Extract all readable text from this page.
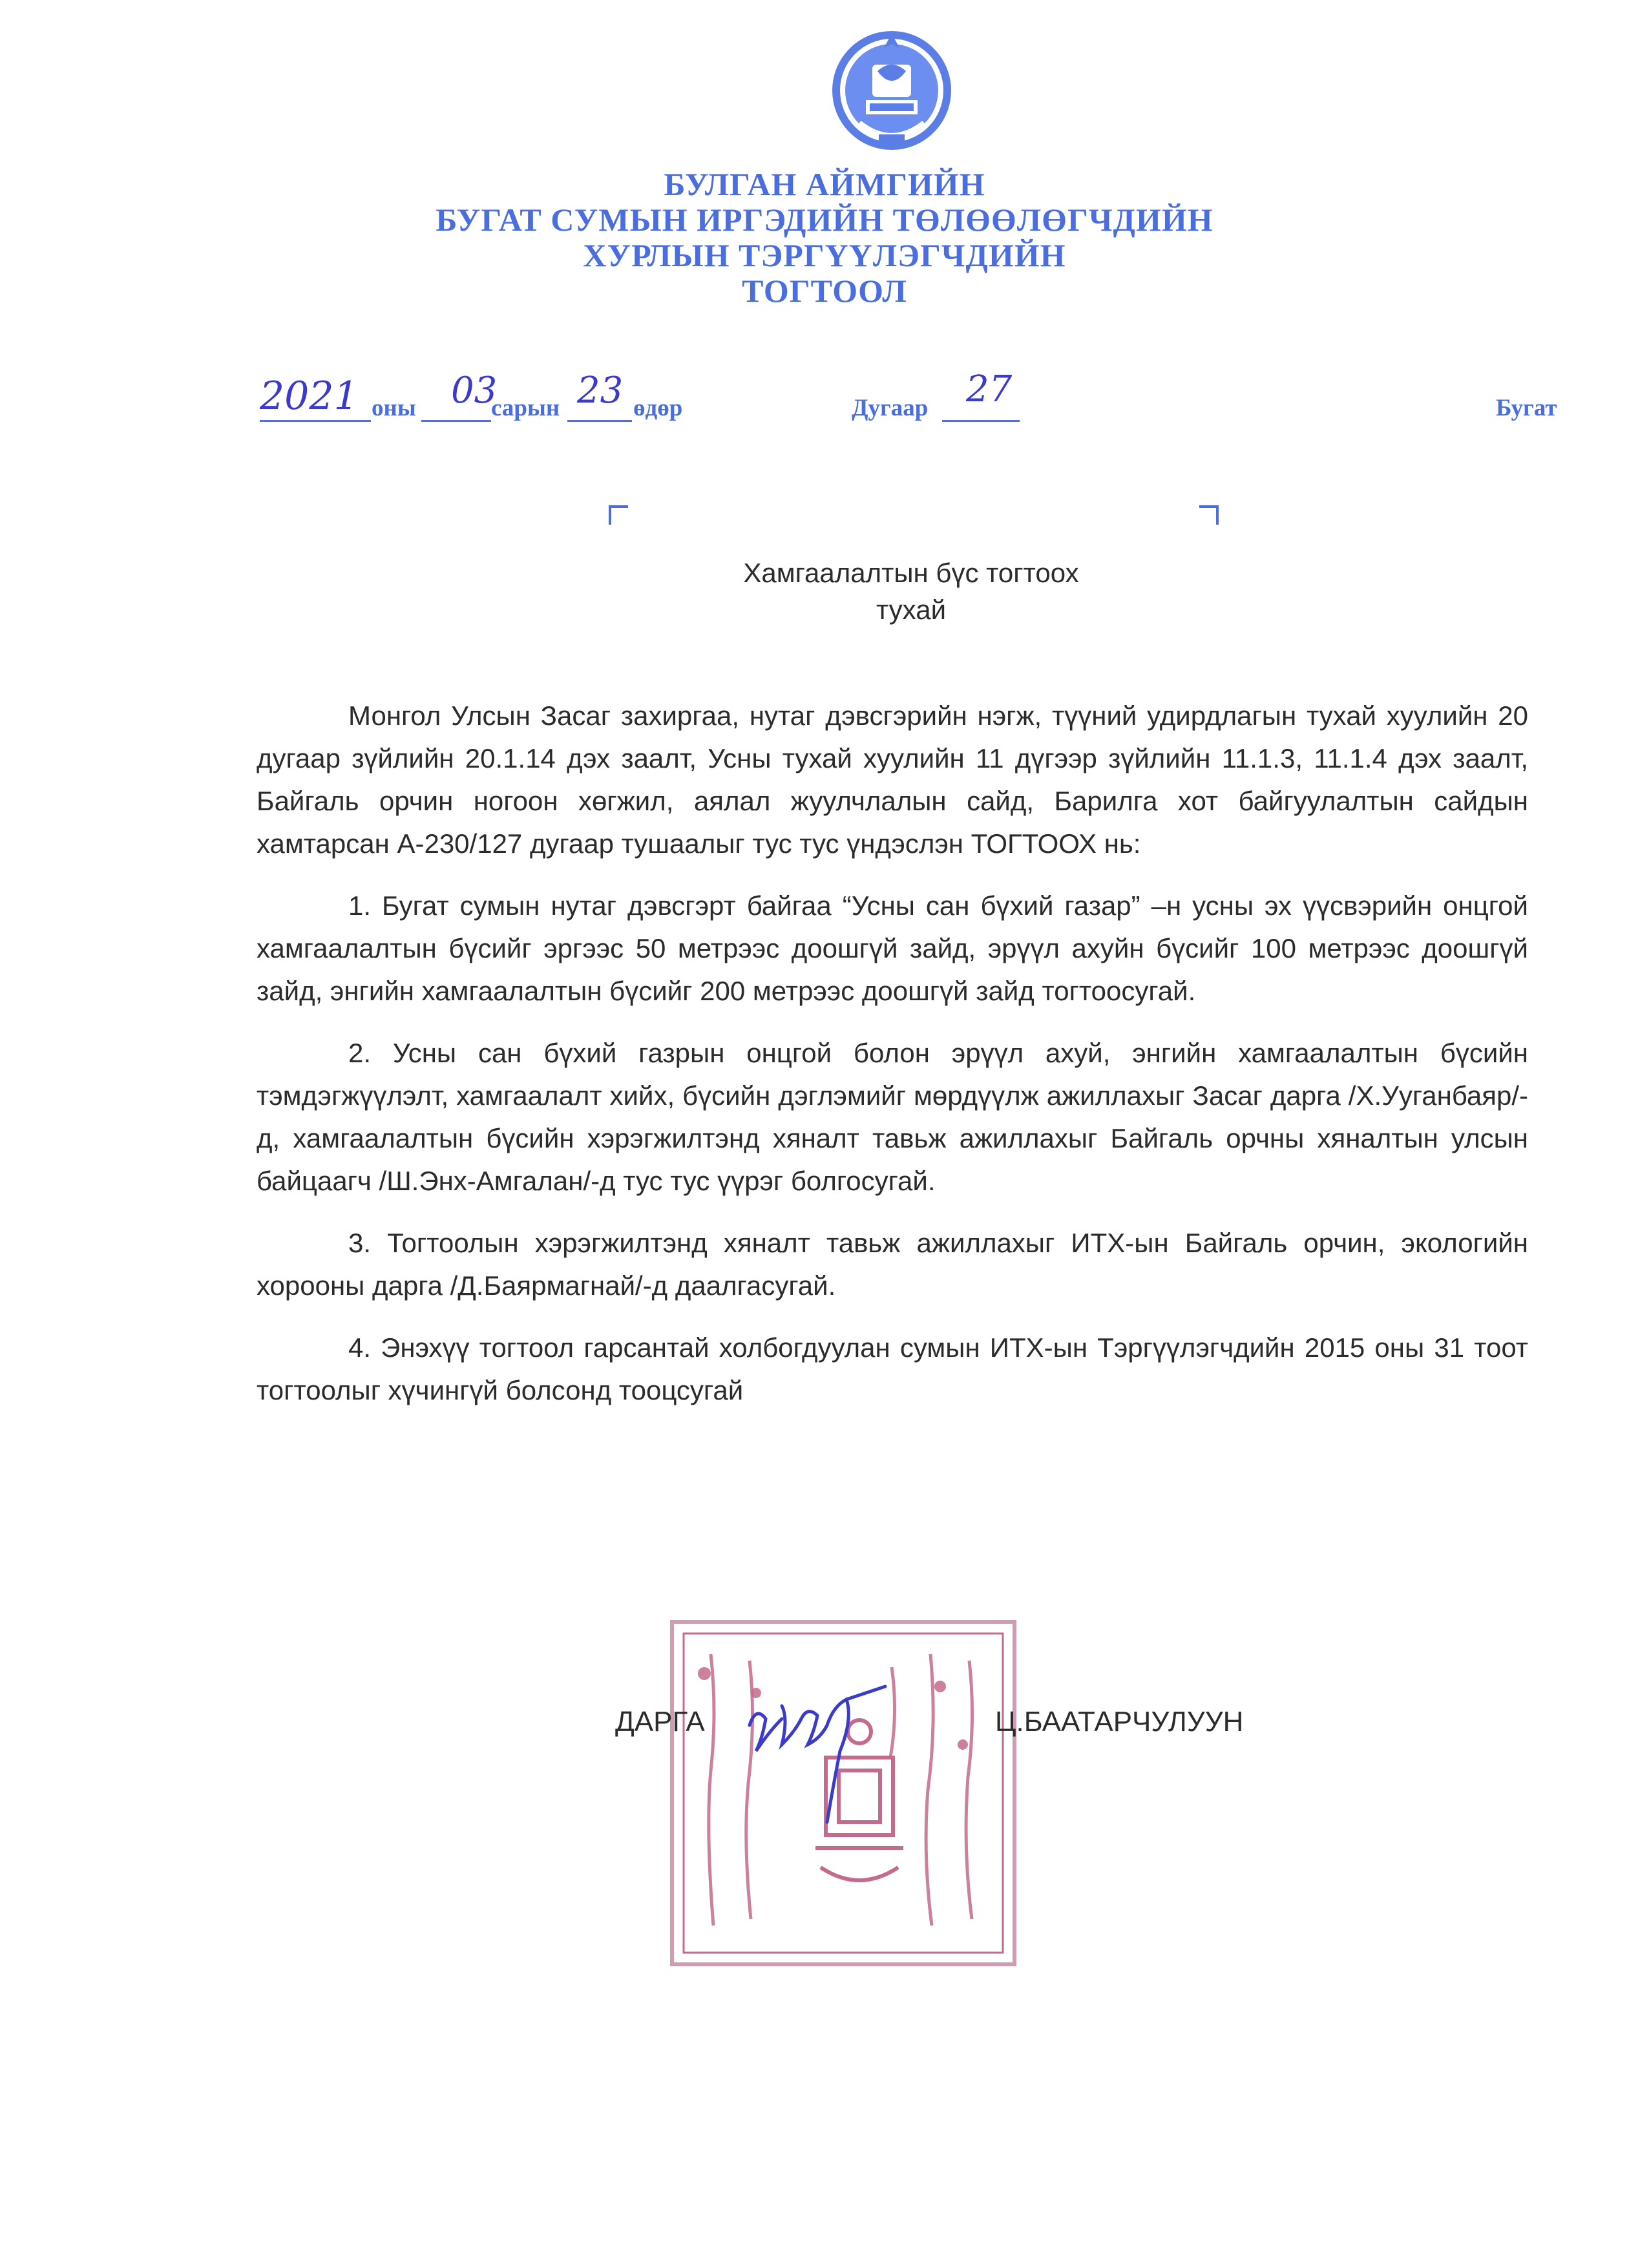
БУЛГАН АЙМГИЙН
БУГАТ СУМЫН ИРГЭДИЙН ТӨЛӨӨЛӨГЧДИЙН
ХУРЛЫН ТЭРГҮҮЛЭГЧДИЙН
ТОГТООЛ
2021 оны 03
сарын 23 өдөр	Дугаар 27	Бугат
Хамгаалалтын бүс тогтоох
тухай

Монгол Улсын Засаг захиргаа, нутаг дэвсгэрийн нэгж, түүний удирдлагын тухай хуулийн 20 дугаар зүйлийн 20.1.14 дэх заалт, Усны тухай хуулийн 11 дүгээр зүйлийн 11.1.3, 11.1.4 дэх заалт, Байгаль орчин ногоон хөгжил, аялал жуулчлалын сайд, Барилга хот байгуулалтын сайдын хамтарсан А-230/127 дугаар тушаалыг тус тус үндэслэн ТОГТООХ нь:

1. Бугат сумын нутаг дэвсгэрт байгаа “Усны сан бүхий газар” –н усны эх үүсвэрийн онцгой хамгаалалтын бүсийг эргээс 50 метрээс доошгүй зайд, эрүүл ахуйн бүсийг 100 метрээс доошгүй зайд, энгийн хамгаалалтын бүсийг 200 метрээс доошгүй зайд тогтоосугай.

2. Усны сан бүхий газрын онцгой болон эрүүл ахуй, энгийн хамгаалалтын бүсийн тэмдэгжүүлэлт, хамгаалалт хийх, бүсийн дэглэмийг мөрдүүлж ажиллахыг Засаг дарга /Х.Ууганбаяр/-д, хамгаалалтын бүсийн хэрэгжилтэнд хяналт тавьж ажиллахыг Байгаль орчны хяналтын улсын байцаагч /Ш.Энх-Амгалан/-д тус тус үүрэг болгосугай.

3. Тогтоолын хэрэгжилтэнд хяналт тавьж ажиллахыг ИТХ-ын Байгаль орчин, экологийн хорооны дарга /Д.Баярмагнай/-д даалгасугай.

4. Энэхүү тогтоол гарсантай холбогдуулан сумын ИТХ-ын Тэргүүлэгчдийн 2015 оны 31 тоот тогтоолыг хүчингүй болсонд тооцсугай

ДАРГА	Ц.БААТАРЧУЛУУН
